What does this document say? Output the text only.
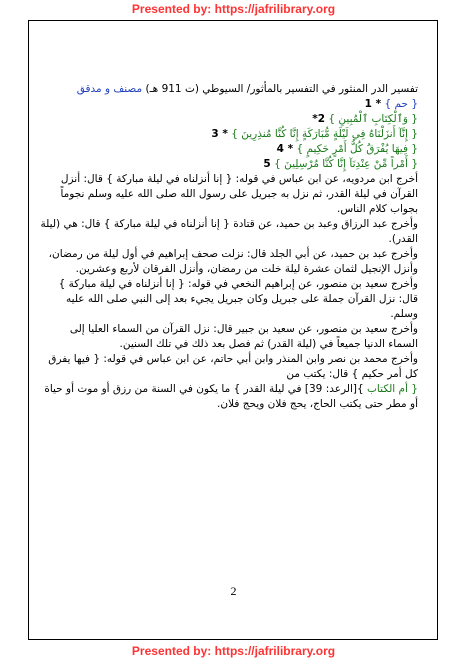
Presented by: https://jafrilibrary.org

تفسير الدر المنثور في التفسير بالمأثور/ السيوطي (ت 911 هـ) مصنف و مدقق
{ حم } * 1

{ وَٱلْكِتَابِ ٱلْمُبِينِ } 2*

{ إِنَّآ أَنزَلْنَاهُ فِي لَيْلَةٍ مُّبَارَكَةٍ إِنَّا كُنَّا مُنذِرِينَ } * 3

{ فِيهَا يُفْرَقُ كُلُّ أَمْرٍ حَكِيمٍ } * 4

{ أَمْراً مِّنْ عِنْدِنَآ إِنَّا كُنَّا مُرْسِلِينَ } 5

أخرج ابن مردويه، عن ابن عباس في قوله: { إنا أنزلناه في ليلة مباركة } قال: أنزل القرآن في ليلة القدر، ثم نزل به جبريل على رسول الله صلى الله عليه وسلم نجوماً بجواب كلام الناس.

وأخرج عبد الرزاق وعبد بن حميد، عن قتادة { إنا أنزلناه في ليلة مباركة } قال: هي (ليلة القدر).

وأخرج عبد بن حميد، عن أبي الجلد قال: نزلت صحف إبراهيم في أول ليلة من رمضان، وأنزل الإنجيل لثمان عشرة ليلة خلت من رمضان، وأنزل الفرقان لأربع وعشرين.

وأخرج سعيد بن منصور، عن إبراهيم النخعي في قوله: { إنا أنزلناه في ليلة مباركة } قال: نزل القرآن جملة على جبريل وكان جبريل يجيء بعد إلى النبي صلى الله عليه وسلم.

وأخرج سعيد بن منصور، عن سعيد بن جبير قال: نزل القرآن من السماء العليا إلى السماء الدنيا جميعاً في (ليلة القدر) ثم فصل بعد ذلك في تلك السنين.

وأخرج محمد بن نصر وابن المنذر وابن أبي حاتم، عن ابن عباس في قوله: { فيها يفرق كل أمر حكيم } قال: يكتب من
{ أم الكتاب }[الرعد: 39] في ليلة القدر } ما يكون في السنة من رزق أو موت أو حياة أو مطر حتى يكتب الحاج، يحج فلان ويحج فلان.

2
Presented by: https://jafrilibrary.org
